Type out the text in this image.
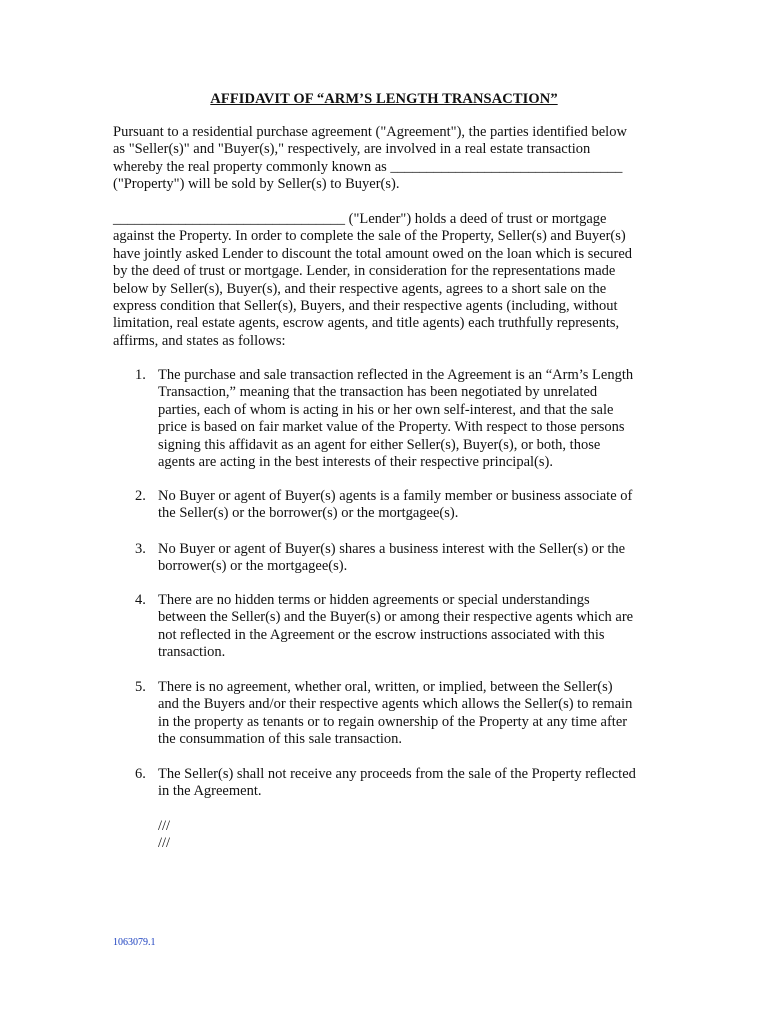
AFFIDAVIT OF “ARM’S LENGTH TRANSACTION”
Pursuant to a residential purchase agreement ("Agreement"), the parties identified below
as "Seller(s)" and "Buyer(s)," respectively, are involved in a real estate transaction
whereby the real property commonly known as ________________________________
("Property") will be sold by Seller(s) to Buyer(s).
________________________________ ("Lender") holds a deed of trust or mortgage
against the Property. In order to complete the sale of the Property, Seller(s) and Buyer(s)
have jointly asked Lender to discount the total amount owed on the loan which is secured
by the deed of trust or mortgage. Lender, in consideration for the representations made
below by Seller(s), Buyer(s), and their respective agents, agrees to a short sale on the
express condition that Seller(s), Buyers, and their respective agents (including, without
limitation, real estate agents, escrow agents, and title agents) each truthfully represents,
affirms, and states as follows:
1. The purchase and sale transaction reflected in the Agreement is an “Arm’s Length
Transaction,” meaning that the transaction has been negotiated by unrelated
parties, each of whom is acting in his or her own self-interest, and that the sale
price is based on fair market value of the Property. With respect to those persons
signing this affidavit as an agent for either Seller(s), Buyer(s), or both, those
agents are acting in the best interests of their respective principal(s).
2. No Buyer or agent of Buyer(s) agents is a family member or business associate of
the Seller(s) or the borrower(s) or the mortgagee(s).
3. No Buyer or agent of Buyer(s) shares a business interest with the Seller(s) or the
borrower(s) or the mortgagee(s).
4. There are no hidden terms or hidden agreements or special understandings
between the Seller(s) and the Buyer(s) or among their respective agents which are
not reflected in the Agreement or the escrow instructions associated with this
transaction.
5. There is no agreement, whether oral, written, or implied, between the Seller(s)
and the Buyers and/or their respective agents which allows the Seller(s) to remain
in the property as tenants or to regain ownership of the Property at any time after
the consummation of this sale transaction.
6. The Seller(s) shall not receive any proceeds from the sale of the Property reflected
in the Agreement.
///
///
1063079.1
